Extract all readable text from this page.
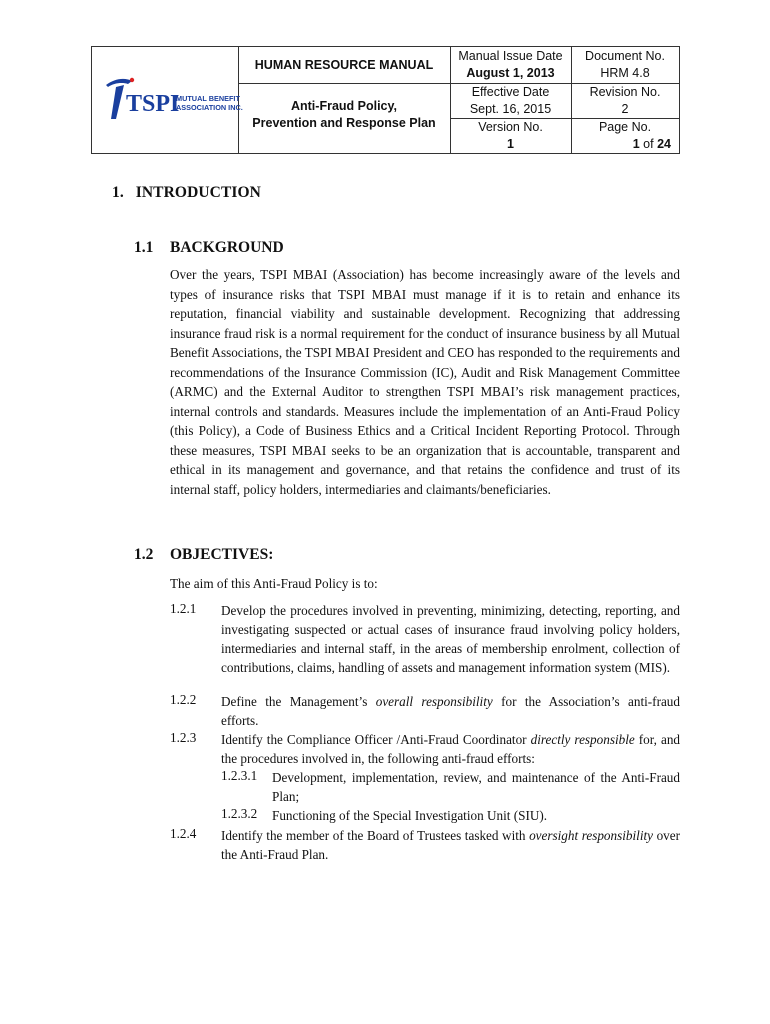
TSPI
MUTUAL BENEFIT
ASSOCIATION INC.
HUMAN RESOURCE MANUAL
Anti-Fraud Policy,
Prevention and Response Plan
Manual Issue Date
August 1, 2013
Effective Date
Sept. 16, 2015
Version No.
1
Document No.
HRM 4.8
Revision No.
2
Page No.
1 of 24
1.   INTRODUCTION
1.1 BACKGROUND

Over the years, TSPI MBAI (Association) has become increasingly aware of the levels and types of insurance risks that TSPI MBAI must manage if it is to retain and enhance its reputation, financial viability and sustainable development. Recognizing that addressing insurance fraud risk is a normal requirement for the conduct of insurance business by all Mutual Benefit Associations, the TSPI MBAI President and CEO has responded to the requirements and recommendations of the Insurance Commission (IC), Audit and Risk Management Committee (ARMC) and the External Auditor to strengthen TSPI MBAI’s risk management practices, internal controls and standards. Measures include the implementation of an Anti-Fraud Policy (this Policy), a Code of Business Ethics and a Critical Incident Reporting Protocol. Through these measures, TSPI MBAI seeks to be an organization that is accountable, transparent and ethical in its management and governance, and that retains the confidence and trust of its internal staff, policy holders, intermediaries and claimants/beneficiaries.

1.2 OBJECTIVES:

The aim of this Anti-Fraud Policy is to:

1.2.1 Develop the procedures involved in preventing, minimizing, detecting, reporting, and investigating suspected or actual cases of insurance fraud involving policy holders, intermediaries and internal staff, in the areas of membership enrolment, collection of contributions, claims, handling of assets and management information system (MIS).

1.2.2 Define the Management’s overall responsibility for the Association’s anti-fraud efforts.

1.2.3 Identify the Compliance Officer /Anti-Fraud Coordinator directly responsible for, and the procedures involved in, the following anti-fraud efforts:

1.2.3.1 Development, implementation, review, and maintenance of the Anti-Fraud Plan;

1.2.3.2 Functioning of the Special Investigation Unit (SIU).

1.2.4 Identify the member of the Board of Trustees tasked with oversight responsibility over the Anti-Fraud Plan.
